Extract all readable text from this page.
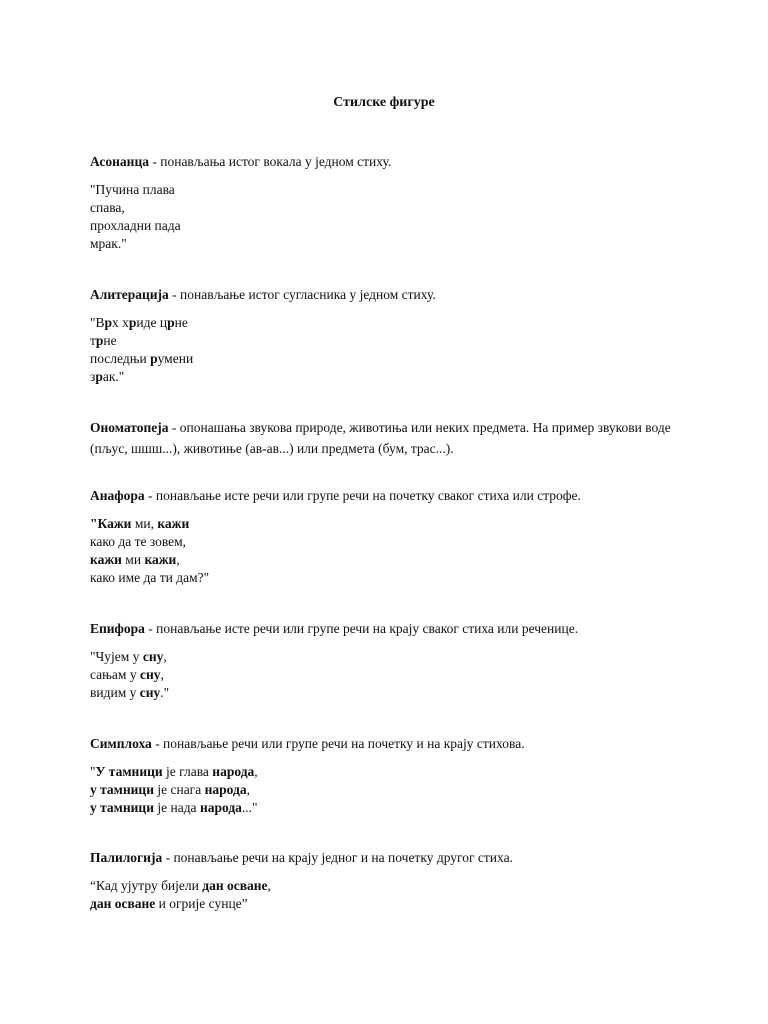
Стилске фигуре

Асонанца - понављања истог вокала у једном стиху.

"Пучина плава
спава,
прохладни пада
мрак."

Алитерација - понављање истог сугласника у једном стиху.

"Врх хриде црне
трне
последњи румени
зрак."

Ономатопеја - опонашања звукова природе, животиња или неких предмета. На пример звукови воде (пљус, шшш...), животиње (ав-ав...) или предмета (бум, трас...).

Анафора - понављање исте речи или групе речи на почетку сваког стиха или строфе.

"Кажи ми, кажи
како да те зовем,
кажи ми кажи,
како име да ти дам?"

Епифора - понављање исте речи или групе речи на крају сваког стиха или реченице.

"Чујем у сну,
сањам у сну,
видим у сну."

Симплоха - понављање речи или групе речи на почетку и на крају стихова.

"У тамници је глава народа,
у тамници је снага народа,
у тамници је нада народа..."

Палилогија - понављање речи на крају једног и на почетку другог стиха.

“Кад ујутру бијели дан осване,
дан осване и огрије сунце”
